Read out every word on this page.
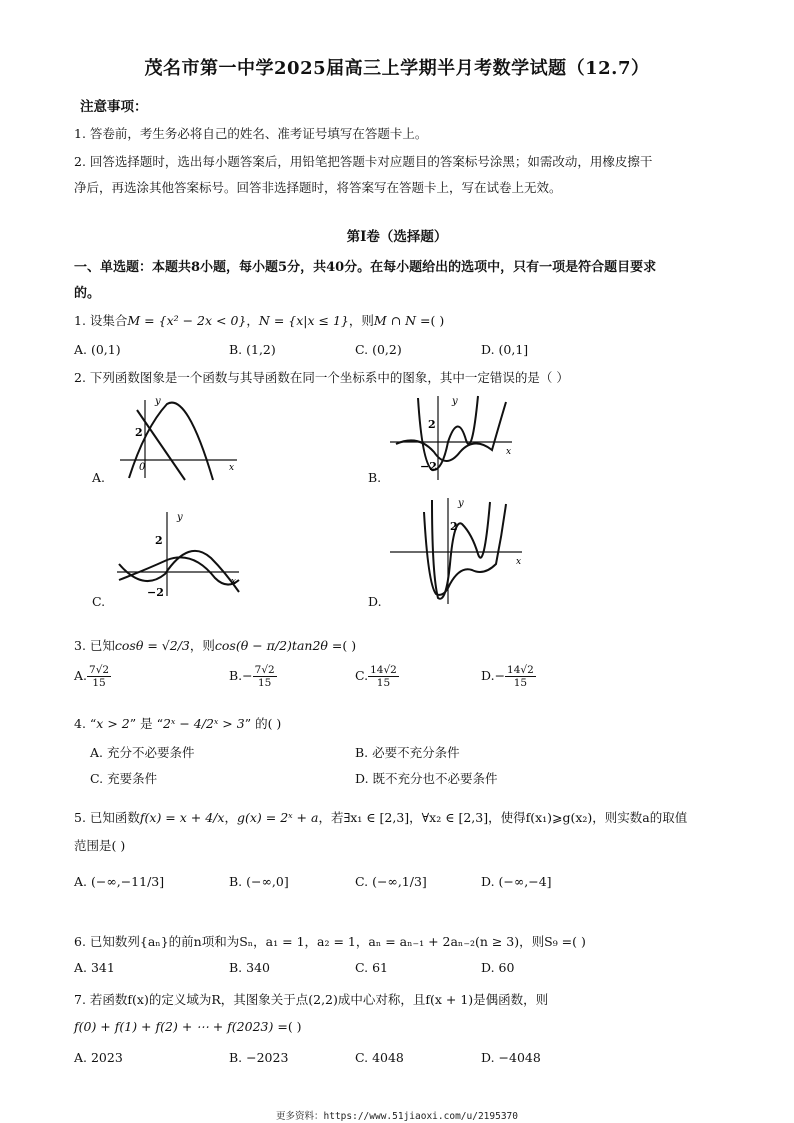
茂名市第一中学2025届高三上学期半月考数学试题（12.7）
注意事项：
1. 答卷前，考生务必将自己的姓名、准考证号填写在答题卡上。
2. 回答选择题时，选出每小题答案后，用铅笔把答题卡对应题目的答案标号涂黑；如需改动，用橡皮擦干
净后，再选涂其他答案标号。回答非选择题时，将答案写在答题卡上，写在试卷上无效。
第Ⅰ卷（选择题）
一、单选题：本题共8小题，每小题5分，共40分。在每小题给出的选项中，只有一项是符合题目要求
的。
1. 设集合M = {x² − 2x < 0}，N = {x|x ≤ 1}，则M ∩ N =( )
A. (0,1)	B. (1,2)	C. (0,2)	D. (0,1]
2. 下列函数图象是一个函数与其导函数在同一个坐标系中的图象，其中一定错误的是（ ）
y
x
2
0
A.
y
x
2
−2
B.
y
x
2
−2
C.
y
x
2
D.
3. 已知cosθ = √2/3，则cos(θ − π/2)tan2θ =( )
A. $\frac{7√2}{15}$	$B.- \frac{7√2}{15}$	C. $\frac{14√2}{15}$	$D.- \frac{14√2}{15}$
4. “x > 2” 是 “2ˣ − 4/2ˣ > 3” 的( )
A. 充分不必要条件	B. 必要不充分条件
C. 充要条件	D. 既不充分也不必要条件
5. 已知函数f(x) = x + 4/x，g(x) = 2ˣ + a，若∃x₁ ∈ [2,3]，∀x₂ ∈ [2,3]，使得f(x₁)⩾g(x₂)，则实数a的取值
范围是( )
A. (−∞,−11/3]	B. (−∞,0]	C. (−∞,1/3]	D. (−∞,−4]
6. 已知数列{aₙ}的前n项和为Sₙ，a₁ = 1，a₂ = 1，aₙ = aₙ₋₁ + 2aₙ₋₂(n ≥ 3)，则S₉ =( )
A. 341	B. 340	C. 61	D. 60
7. 若函数f(x)的定义域为R，其图象关于点(2,2)成中心对称，且f(x + 1)是偶函数，则
f(0) + f(1) + f(2) + ⋯ + f(2023) =( )
A. 2023	B. −2023	C. 4048	D. −4048
更多资料：https://www.51jiaoxi.com/u/2195370
